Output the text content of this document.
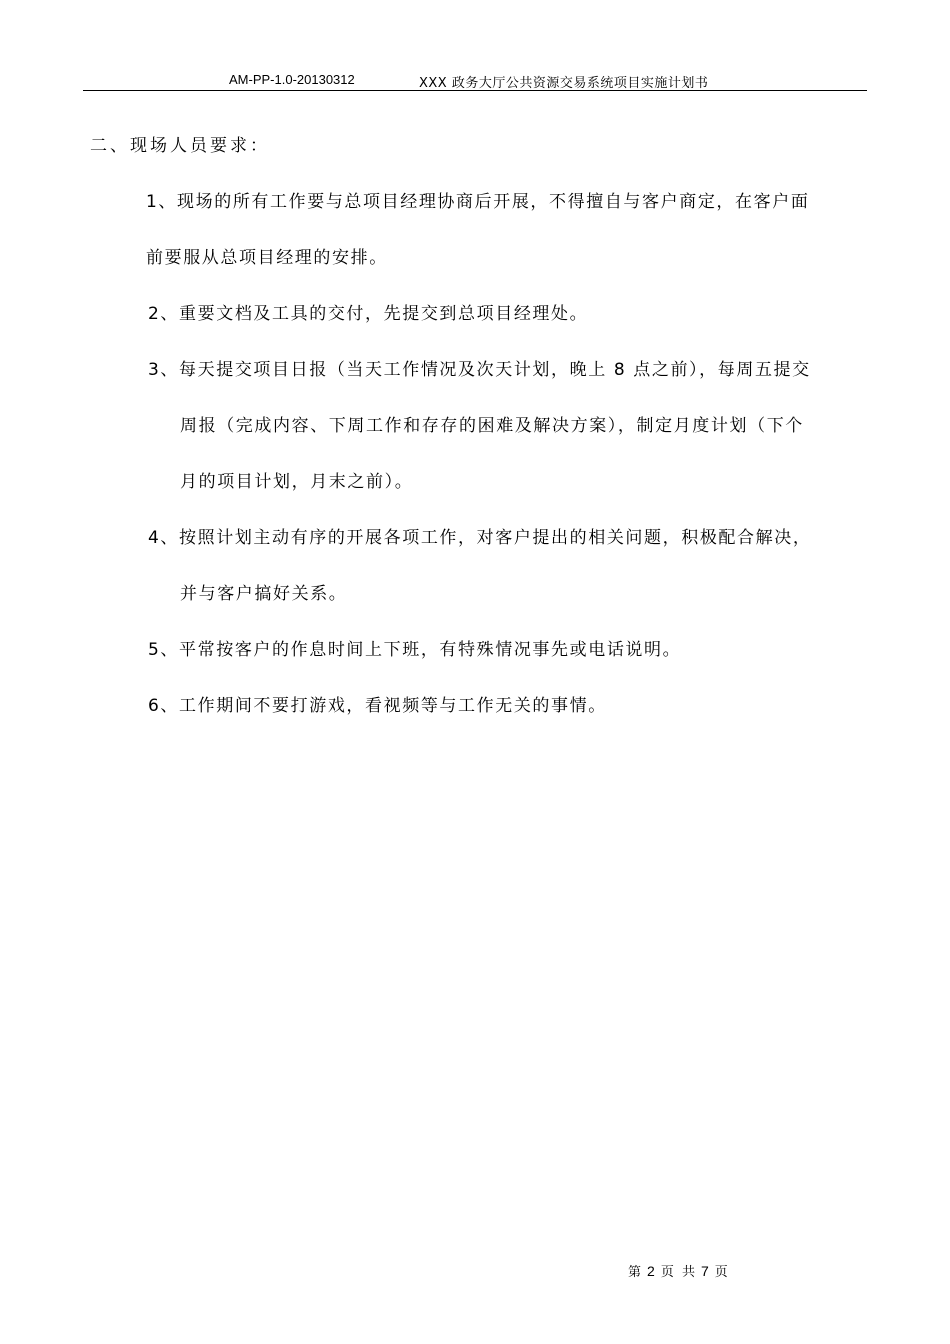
AM-PP-1.0-20130312	XXX 政务大厅公共资源交易系统项目实施计划书
二、现场人员要求：
1、现场的所有工作要与总项目经理协商后开展，不得擅自与客户商定，在客户面
前要服从总项目经理的安排。
2、重要文档及工具的交付，先提交到总项目经理处。
3、每天提交项目日报（当天工作情况及次天计划，晚上 8 点之前），每周五提交
周报（完成内容、下周工作和存存的困难及解决方案），制定月度计划（下个
月的项目计划，月末之前）。
4、按照计划主动有序的开展各项工作，对客户提出的相关问题，积极配合解决，
并与客户搞好关系。
5、平常按客户的作息时间上下班，有特殊情况事先或电话说明。
6、工作期间不要打游戏，看视频等与工作无关的事情。
第 2 页 共 7 页
